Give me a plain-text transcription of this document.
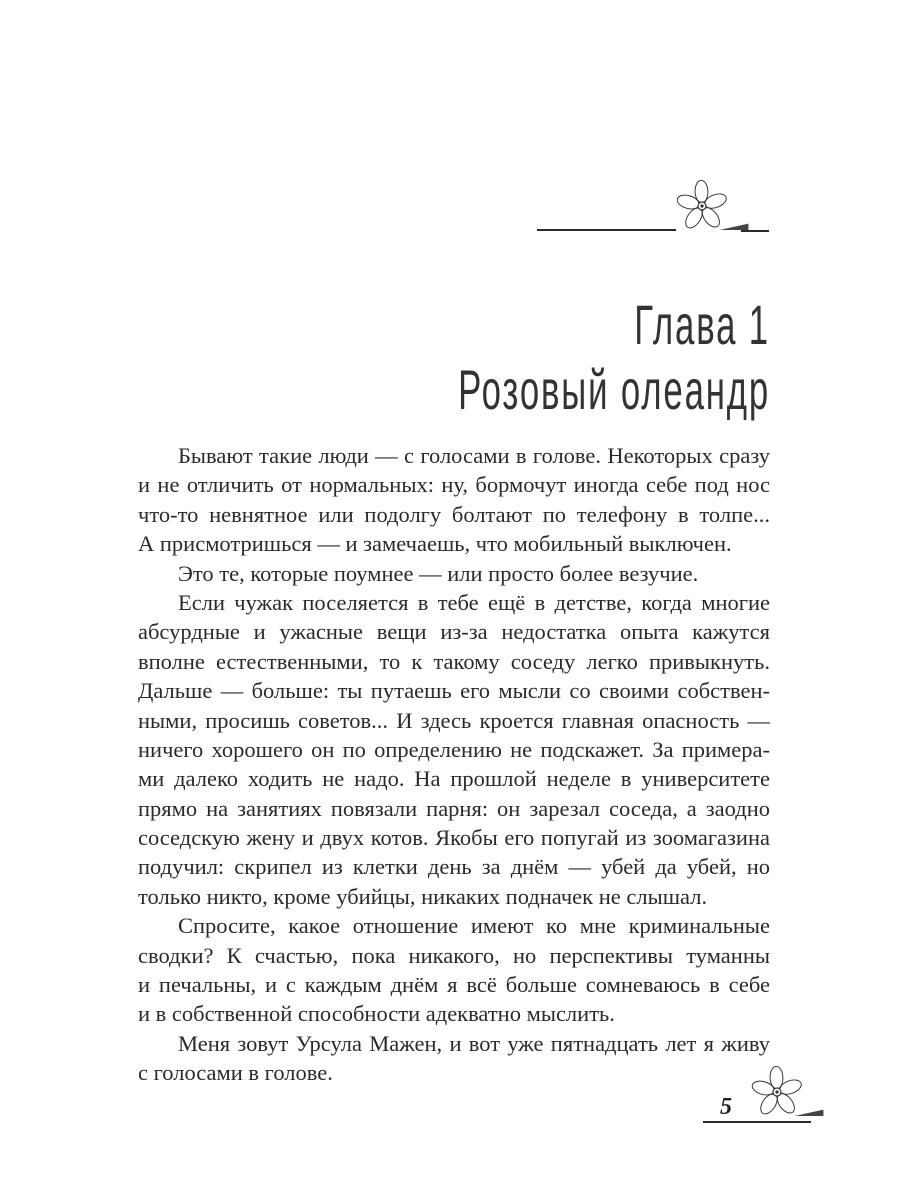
Глава 1
Розовый олеандр
Бывают такие люди — с голосами в голове. Некоторых сразу
и не отличить от нормальных: ну, бормочут иногда себе под нос
что-то невнятное или подолгу болтают по телефону в толпе...
А присмотришься — и замечаешь, что мобильный выключен.
Это те, которые поумнее — или просто более везучие.
Если чужак поселяется в тебе ещё в детстве, когда многие
абсурдные и ужасные вещи из-за недостатка опыта кажутся
вполне естественными, то к такому соседу легко привыкнуть.
Дальше — больше: ты путаешь его мысли со своими собствен-
ными, просишь советов... И здесь кроется главная опасность —
ничего хорошего он по определению не подскажет. За примера-
ми далеко ходить не надо. На прошлой неделе в университете
прямо на занятиях повязали парня: он зарезал соседа, а заодно
соседскую жену и двух котов. Якобы его попугай из зоомагазина
подучил: скрипел из клетки день за днём — убей да убей, но
только никто, кроме убийцы, никаких подначек не слышал.
Спросите, какое отношение имеют ко мне криминальные
сводки? К счастью, пока никакого, но перспективы туманны
и печальны, и с каждым днём я всё больше сомневаюсь в себе
и в собственной способности адекватно мыслить.
Меня зовут Урсула Мажен, и вот уже пятнадцать лет я живу
с голосами в голове.
5
